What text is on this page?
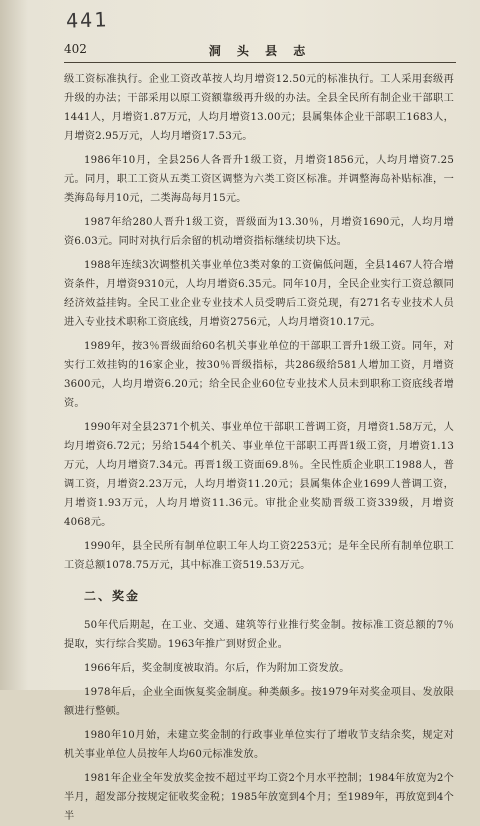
441
402	洞 头 县 志

级工资标准执行。企业工资改革按人均月增资12.50元的标准执行。工人采用套级再升级的办法；干部采用以原工资额靠级再升级的办法。全县全民所有制企业干部职工1441人，月增资1.87万元，人均月增资13.00元；县属集体企业干部职工1683人，月增资2.95万元，人均月增资17.53元。

1986年10月，全县256人各晋升1级工资，月增资1856元，人均月增资7.25元。同月，职工工资从五类工资区调整为六类工资区标准。并调整海岛补贴标准，一类海岛每月10元，二类海岛每月15元。

1987年给280人晋升1级工资，晋级面为13.30％，月增资1690元，人均月增资6.03元。同时对执行后余留的机动增资指标继续切块下达。

1988年连续3次调整机关事业单位3类对象的工资偏低问题，全县1467人符合增资条件，月增资9310元，人均月增资6.35元。同年10月，全民企业实行工资总额同经济效益挂钩。全民工业企业专业技术人员受聘后工资兑现，有271名专业技术人员进入专业技术职称工资底线，月增资2756元，人均月增资10.17元。

1989年，按3％晋级面给60名机关事业单位的干部职工晋升1级工资。同年，对实行工效挂钩的16家企业，按30％晋级指标，共286级给581人增加工资，月增资3600元，人均月增资6.20元；给全民企业60位专业技术人员未到职称工资底线者增资。

1990年对全县2371个机关、事业单位干部职工普调工资，月增资1.58万元，人均月增资6.72元；另给1544个机关、事业单位干部职工再晋1级工资，月增资1.13万元，人均月增资7.34元。再晋1级工资面69.8％。全民性质企业职工1988人，普调工资，月增资2.23万元，人均月增资11.20元；县属集体企业1699人普调工资，月增资1.93万元，人均月增资11.36元。审批企业奖励晋级工资339级，月增资4068元。

1990年，县全民所有制单位职工年人均工资2253元；是年全民所有制单位职工工资总额1078.75万元，其中标准工资519.53万元。

二、奖金

50年代后期起，在工业、交通、建筑等行业推行奖金制。按标准工资总额的7％提取，实行综合奖励。1963年推广到财贸企业。

1966年后，奖金制度被取消。尔后，作为附加工资发放。

1978年后，企业全面恢复奖金制度。种类颇多。按1979年对奖金项目、发放限额进行整顿。

1980年10月始，未建立奖金制的行政事业单位实行了增收节支结余奖，规定对机关事业单位人员按年人均60元标准发放。

1981年企业全年发放奖金按不超过平均工资2个月水平控制；1984年放宽为2个半月，超发部分按规定征收奖金税；1985年放宽到4个月；至1989年，再放宽到4个半
